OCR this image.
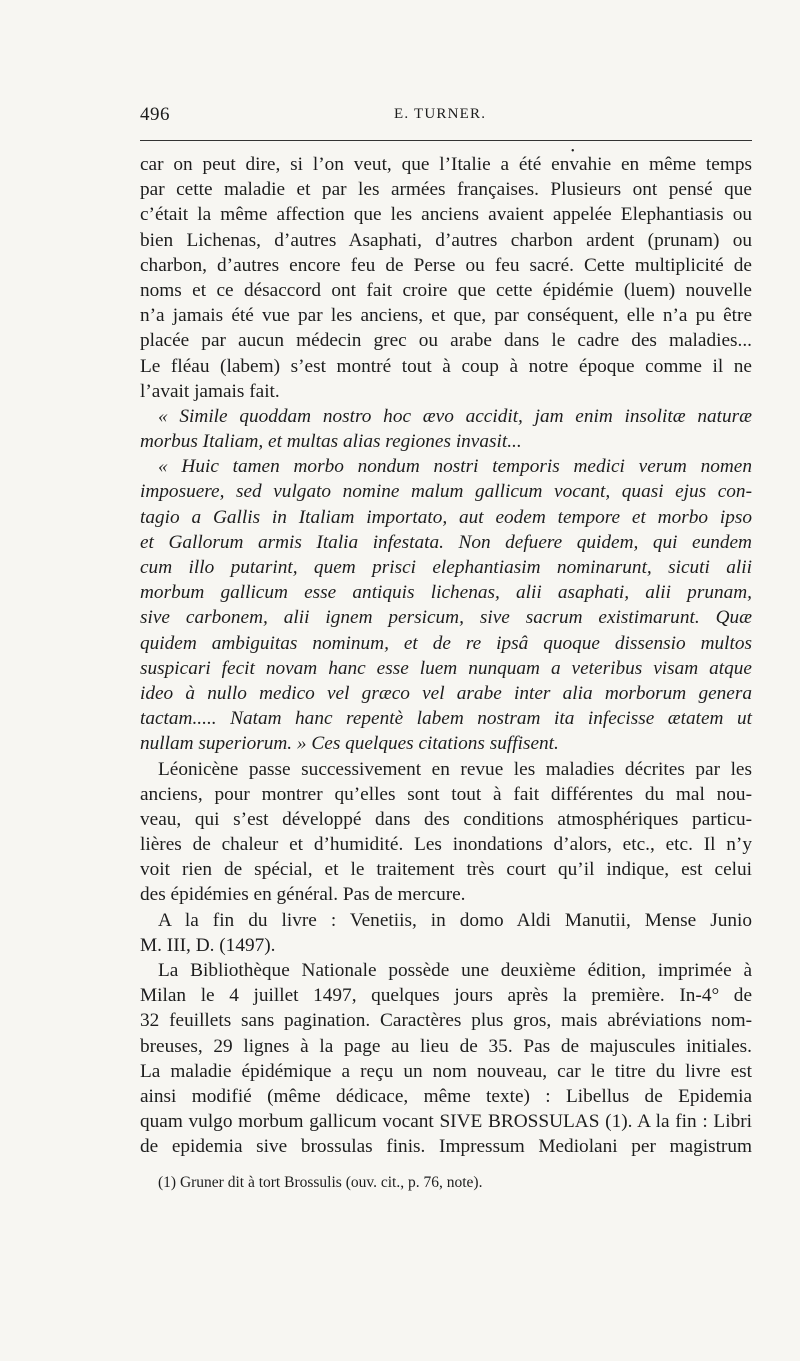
496	E. TURNER.
•
car on peut dire, si l’on veut, que l’Italie a été envahie en même temps
par cette maladie et par les armées françaises. Plusieurs ont pensé que
c’était la même affection que les anciens avaient appelée Elephantiasis ou
bien Lichenas, d’autres Asaphati, d’autres charbon ardent (prunam) ou
charbon, d’autres encore feu de Perse ou feu sacré. Cette multiplicité de
noms et ce désaccord ont fait croire que cette épidémie (luem) nouvelle
n’a jamais été vue par les anciens, et que, par conséquent, elle n’a pu être
placée par aucun médecin grec ou arabe dans le cadre des maladies...
Le fléau (labem) s’est montré tout à coup à notre époque comme il ne
l’avait jamais fait.
« Simile quoddam nostro hoc ævo accidit, jam enim insolitæ naturæ
morbus Italiam, et multas alias regiones invasit...
« Huic tamen morbo nondum nostri temporis medici verum nomen
imposuere, sed vulgato nomine malum gallicum vocant, quasi ejus con-
tagio a Gallis in Italiam importato, aut eodem tempore et morbo ipso
et Gallorum armis Italia infestata. Non defuere quidem, qui eundem
cum illo putarint, quem prisci elephantiasim nominarunt, sicuti alii
morbum gallicum esse antiquis lichenas, alii asaphati, alii prunam,
sive carbonem, alii ignem persicum, sive sacrum existimarunt. Quæ
quidem ambiguitas nominum, et de re ipsâ quoque dissensio multos
suspicari fecit novam hanc esse luem nunquam a veteribus visam atque
ideo à nullo medico vel græco vel arabe inter alia morborum genera
tactam..... Natam hanc repentè labem nostram ita infecisse ætatem ut
nullam superiorum. » Ces quelques citations suffisent.
Léonicène passe successivement en revue les maladies décrites par les
anciens, pour montrer qu’elles sont tout à fait différentes du mal nou-
veau, qui s’est développé dans des conditions atmosphériques particu-
lières de chaleur et d’humidité. Les inondations d’alors, etc., etc. Il n’y
voit rien de spécial, et le traitement très court qu’il indique, est celui
des épidémies en général. Pas de mercure.
A la fin du livre : Venetiis, in domo Aldi Manutii, Mense Junio
M. III, D. (1497).
La Bibliothèque Nationale possède une deuxième édition, imprimée à
Milan le 4 juillet 1497, quelques jours après la première. In-4° de
32 feuillets sans pagination. Caractères plus gros, mais abréviations nom-
breuses, 29 lignes à la page au lieu de 35. Pas de majuscules initiales.
La maladie épidémique a reçu un nom nouveau, car le titre du livre est
ainsi modifié (même dédicace, même texte) : Libellus de Epidemia
quam vulgo morbum gallicum vocant SIVE BROSSULAS (1). A la fin : Libri
de epidemia sive brossulas finis. Impressum Mediolani per magistrum
(1) Gruner dit à tort Brossulis (ouv. cit., p. 76, note).
